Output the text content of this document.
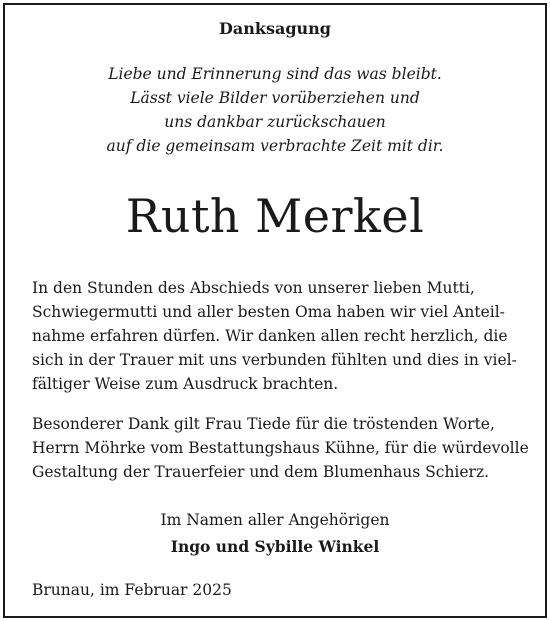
Danksagung
Liebe und Erinnerung sind das was bleibt.
Lässt viele Bilder vorüberziehen und
uns dankbar zurückschauen
auf die gemeinsam verbrachte Zeit mit dir.
Ruth Merkel
In den Stunden des Abschieds von unserer lieben Mutti,
Schwiegermutti und aller besten Oma haben wir viel Anteil-
nahme erfahren dürfen. Wir danken allen recht herzlich, die
sich in der Trauer mit uns verbunden fühlten und dies in viel-
fältiger Weise zum Ausdruck brachten.
Besonderer Dank gilt Frau Tiede für die tröstenden Worte,
Herrn Möhrke vom Bestattungshaus Kühne, für die würdevolle
Gestaltung der Trauerfeier und dem Blumenhaus Schierz.
Im Namen aller Angehörigen
Ingo und Sybille Winkel
Brunau, im Februar 2025
